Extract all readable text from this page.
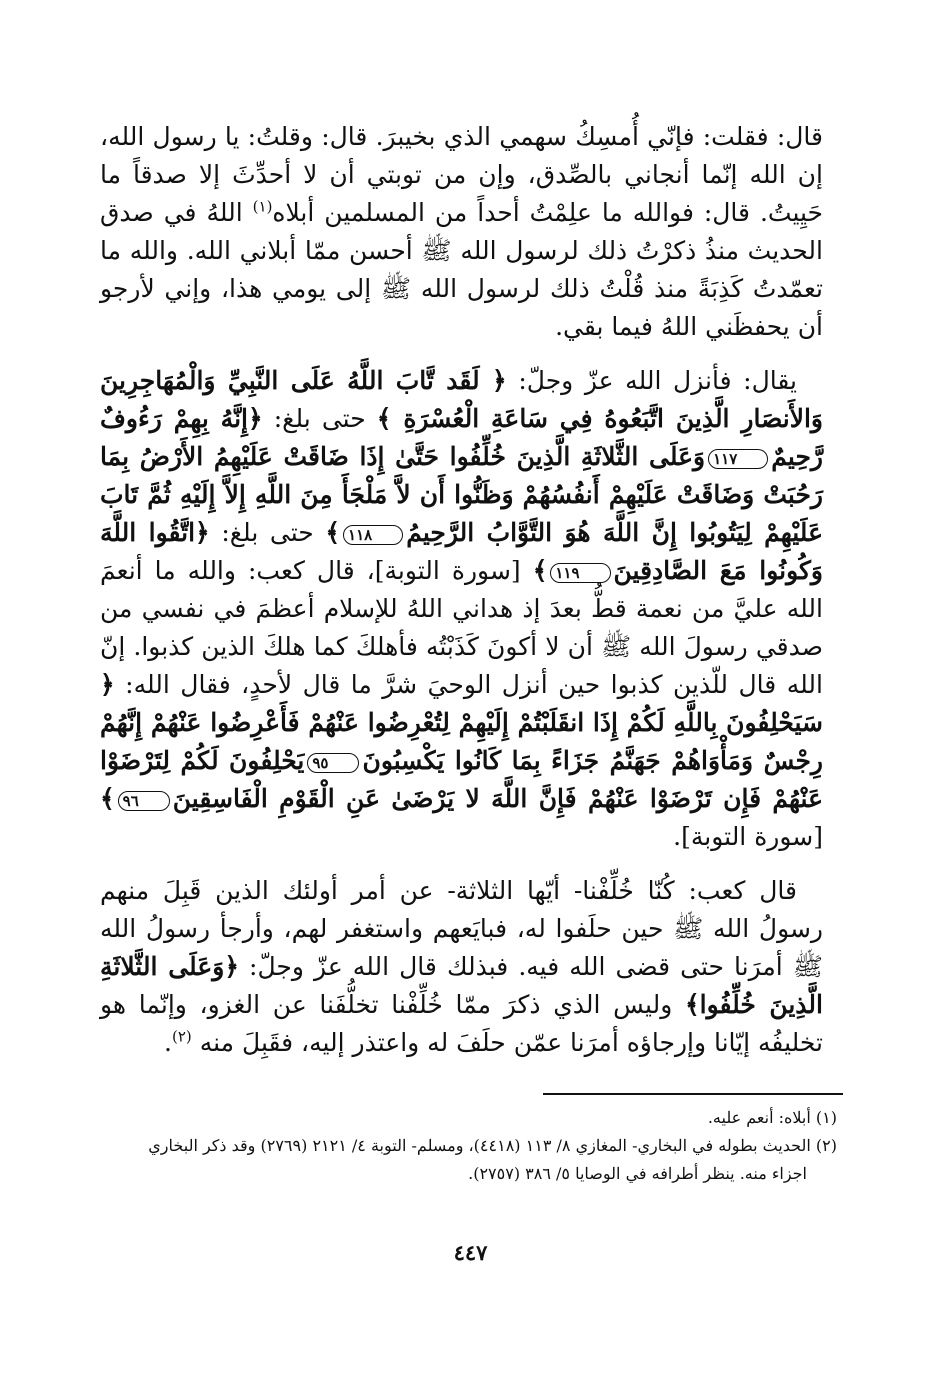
قال: فقلت: فإنّي أُمسِكُ سهمي الذي بخيبرَ. قال: وقلتُ: يا رسول الله، إن الله إنّما أنجاني بالصِّدق، وإن من توبتي أن لا أحدِّثَ إلا صدقاً ما حَيِيتُ. قال: فوالله ما علِمْتُ أحداً من المسلمين أبلاه$^{(١)}$ اللهُ في صدق الحديث منذُ ذكرْتُ ذلك لرسول الله ﷺ أحسن ممّا أبلاني الله. والله ما تعمّدتُ كَذِبَةً منذ قُلْتُ ذلك لرسول الله ﷺ إلى يومي هذا، وإني لأرجو أن يحفظَني اللهُ فيما بقي.

يقال: فأنزل الله عزّ وجلّ: ﴿ لَقَد تَّابَ اللَّهُ عَلَى النَّبِيِّ وَالْمُهَاجِرِينَ وَالأَنصَارِ الَّذِينَ اتَّبَعُوهُ فِي سَاعَةِ الْعُسْرَةِ ﴾ حتى بلغ: ﴿إِنَّهُ بِهِمْ رَءُوفٌ رَّحِيمٌ١١٧وَعَلَى الثَّلاثَةِ الَّذِينَ خُلِّفُوا حَتَّىٰ إِذَا ضَاقَتْ عَلَيْهِمُ الأَرْضُ بِمَا رَحُبَتْ وَضَاقَتْ عَلَيْهِمْ أَنفُسُهُمْ وَظَنُّوا أَن لاَّ مَلْجَأَ مِنَ اللَّهِ إِلاَّ إِلَيْهِ ثُمَّ تَابَ عَلَيْهِمْ لِيَتُوبُوا إِنَّ اللَّهَ هُوَ التَّوَّابُ الرَّحِيمُ١١٨﴾ حتى بلغ: ﴿اتَّقُوا اللَّهَ وَكُونُوا مَعَ الصَّادِقِينَ١١٩﴾ [سورة التوبة]، قال كعب: والله ما أنعمَ الله عليَّ من نعمة قطُّ بعدَ إذ هداني اللهُ للإسلام أعظمَ في نفسي من صدقي رسولَ الله ﷺ أن لا أكونَ كَذَبْتُه فأهلكَ كما هلكَ الذين كذبوا. إنّ الله قال للّذين كذبوا حين أنزل الوحيَ شرَّ ما قال لأحدٍ، فقال الله: ﴿ سَيَحْلِفُونَ بِاللَّهِ لَكُمْ إِذَا انقَلَبْتُمْ إِلَيْهِمْ لِتُعْرِضُوا عَنْهُمْ فَأَعْرِضُوا عَنْهُمْ إِنَّهُمْ رِجْسٌ وَمَأْوَاهُمْ جَهَنَّمُ جَزَاءً بِمَا كَانُوا يَكْسِبُونَ٩٥يَحْلِفُونَ لَكُمْ لِتَرْضَوْا عَنْهُمْ فَإِن تَرْضَوْا عَنْهُمْ فَإِنَّ اللَّهَ لا يَرْضَىٰ عَنِ الْقَوْمِ الْفَاسِقِينَ٩٦﴾ [سورة التوبة].

قال كعب: كُنّا خُلِّفْنا- أيّها الثلاثة- عن أمر أولئك الذين قَبِلَ منهم رسولُ الله ﷺ حين حلَفوا له، فبايَعهم واستغفر لهم، وأرجأ رسولُ الله ﷺ أمرَنا حتى قضى الله فيه. فبذلك قال الله عزّ وجلّ: ﴿وَعَلَى الثَّلاثَةِ الَّذِينَ خُلِّفُوا﴾ وليس الذي ذكرَ ممّا خُلِّفْنا تخلُّفَنا عن الغزو، وإنّما هو تخليفُه إيّانا وإرجاؤه أمرَنا عمّن حلَفَ له واعتذر إليه، فقَبِلَ منه $^{(٢)}$.

(١) أبلاه: أنعم عليه.

(٢) الحديث بطوله في البخاري- المغازي ٨/ ١١٣ (٤٤١٨)، ومسلم- التوبة ٤/ ٢١٢١ (٢٧٦٩) وقد ذكر البخاري

اجزاء منه. ينظر أطرافه في الوصايا ٥/ ٣٨٦ (٢٧٥٧).

٤٤٧
